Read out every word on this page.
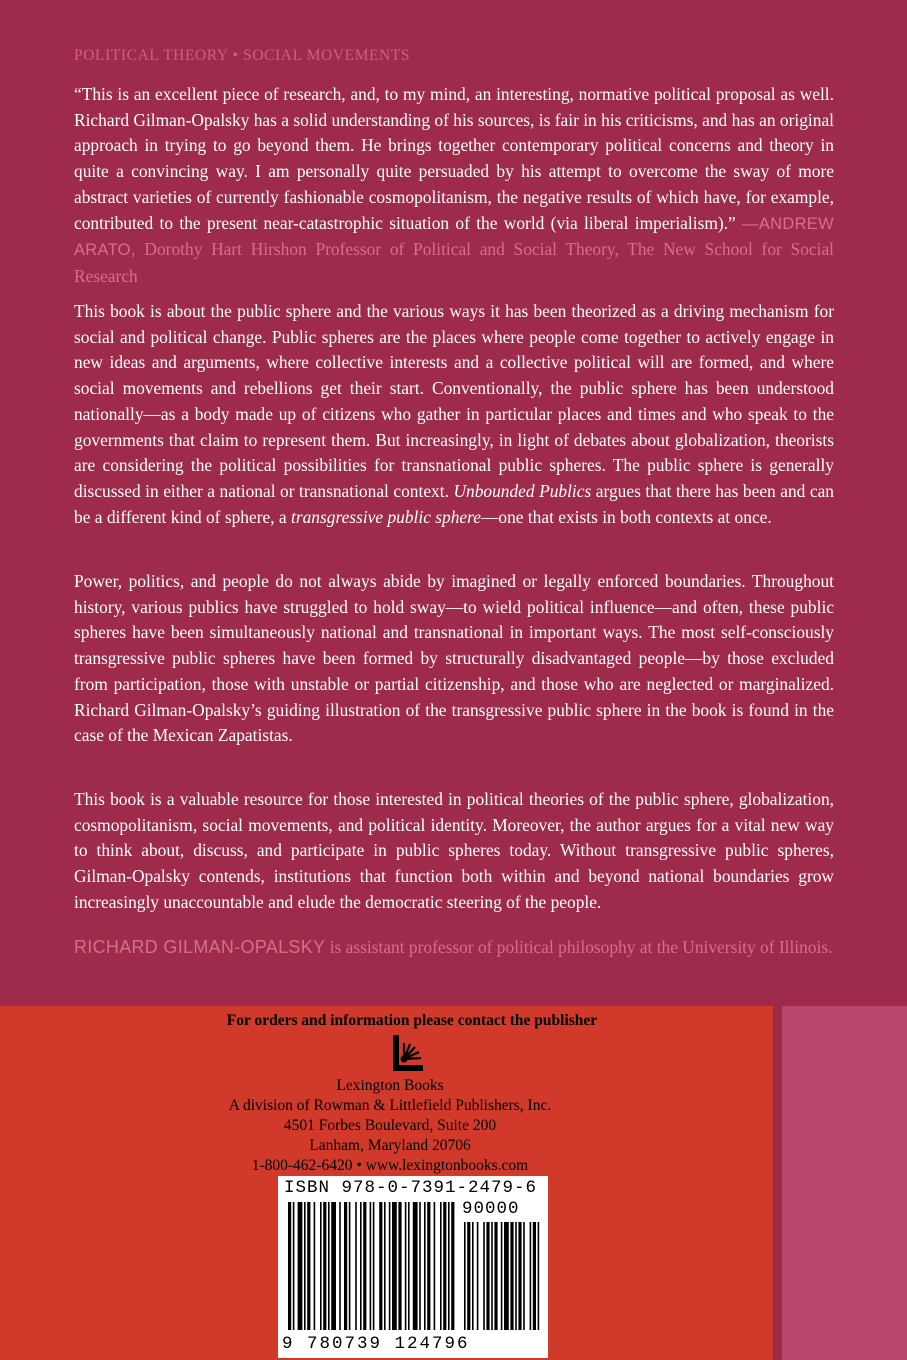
POLITICAL THEORY • SOCIAL MOVEMENTS
“This is an excellent piece of research, and, to my mind, an interesting, normative political proposal as well. Richard Gilman-Opalsky has a solid understanding of his sources, is fair in his criticisms, and has an original approach in trying to go beyond them. He brings together contemporary political concerns and theory in quite a convincing way. I am personally quite persuaded by his attempt to overcome the sway of more abstract varieties of currently fashionable cosmopolitanism, the negative results of which have, for example, contributed to the present near-catastrophic situation of the world (via liberal imperialism).” —ANDREW ARATO, Dorothy Hart Hirshon Professor of Political and Social Theory, The New School for Social Research
This book is about the public sphere and the various ways it has been theorized as a driving mechanism for social and political change. Public spheres are the places where people come together to actively engage in new ideas and arguments, where collective interests and a collective political will are formed, and where social movements and rebellions get their start. Conventionally, the public sphere has been understood nationally—as a body made up of citizens who gather in particular places and times and who speak to the governments that claim to represent them. But increasingly, in light of debates about globalization, theorists are considering the political possibilities for transnational public spheres. The public sphere is generally discussed in either a national or transnational context. Unbounded Publics argues that there has been and can be a different kind of sphere, a transgressive public sphere—one that exists in both contexts at once.
Power, politics, and people do not always abide by imagined or legally enforced boundaries. Throughout history, various publics have struggled to hold sway—to wield political influence—and often, these public spheres have been simultaneously national and transnational in important ways. The most self-consciously transgressive public spheres have been formed by structurally disadvantaged people—by those excluded from participation, those with unstable or partial citizenship, and those who are neglected or marginalized. Richard Gilman-Opalsky’s guiding illustration of the transgressive public sphere in the book is found in the case of the Mexican Zapatistas.
This book is a valuable resource for those interested in political theories of the public sphere, globalization, cosmopolitanism, social movements, and political identity. Moreover, the author argues for a vital new way to think about, discuss, and participate in public spheres today. Without transgressive public spheres, Gilman-Opalsky contends, institutions that function both within and beyond national boundaries grow increasingly unaccountable and elude the democratic steering of the people.
RICHARD GILMAN-OPALSKY is assistant professor of political philosophy at the University of Illinois.
For orders and information please contact the publisher
Lexington Books
A division of Rowman & Littlefield Publishers, Inc.
4501 Forbes Boulevard, Suite 200
Lanham, Maryland 20706
1-800-462-6420 • www.lexingtonbooks.com
ISBN 978-0-7391-2479-6
90000
9 780739 124796
